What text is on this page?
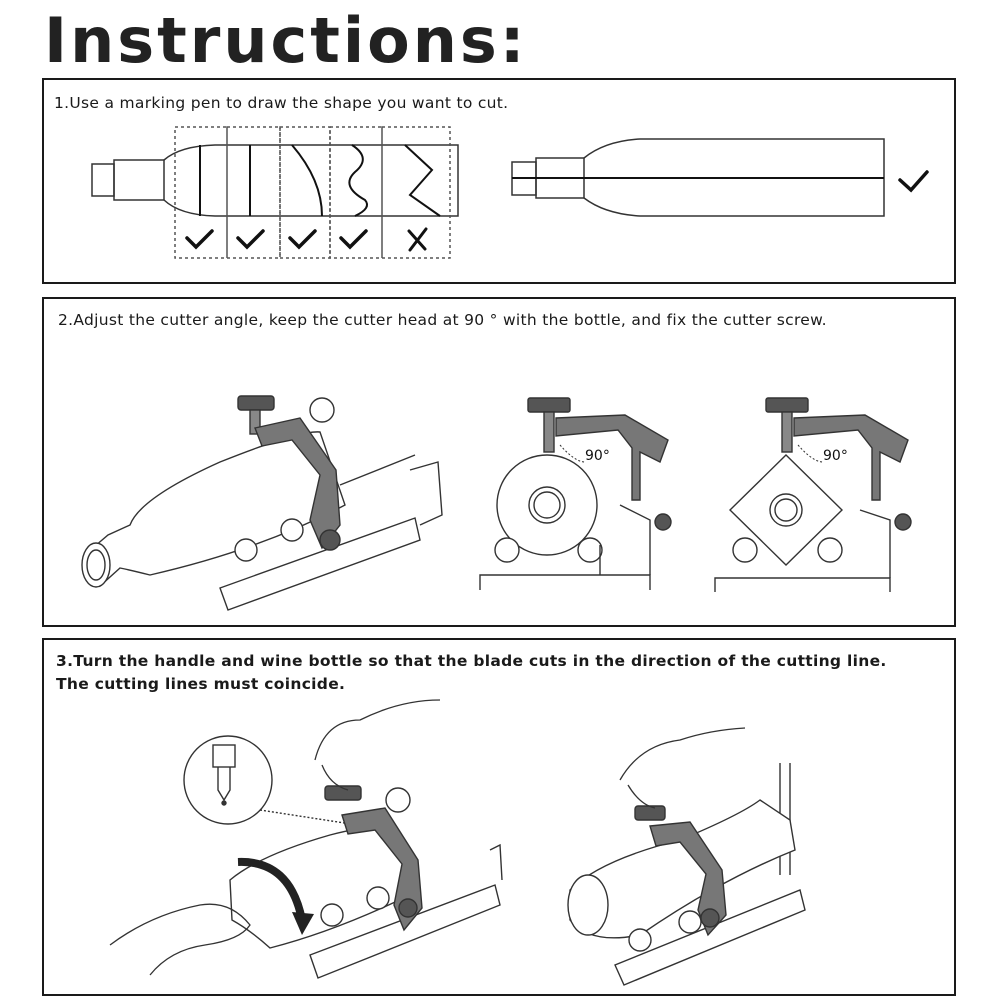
Instructions:
1.Use a marking pen to draw the shape you want to cut.
2.Adjust the cutter angle, keep the cutter head at 90 ° with the bottle, and fix the cutter screw.
90°	90°
3.Turn the handle and wine bottle so that the blade cuts in the direction of the cutting line.
The cutting lines must coincide.
